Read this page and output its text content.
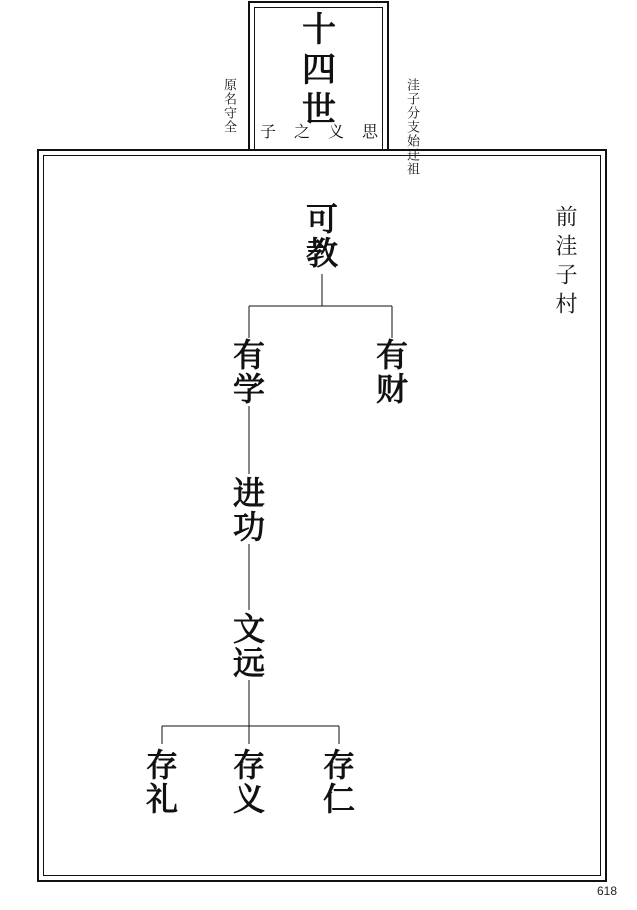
十
四
世
子 之 义 思
原名守全	洼子分支始迁祖
前洼子村
可
教
有
学
有
财
进
功
文
远
存
礼
存
义
存
仁
618
